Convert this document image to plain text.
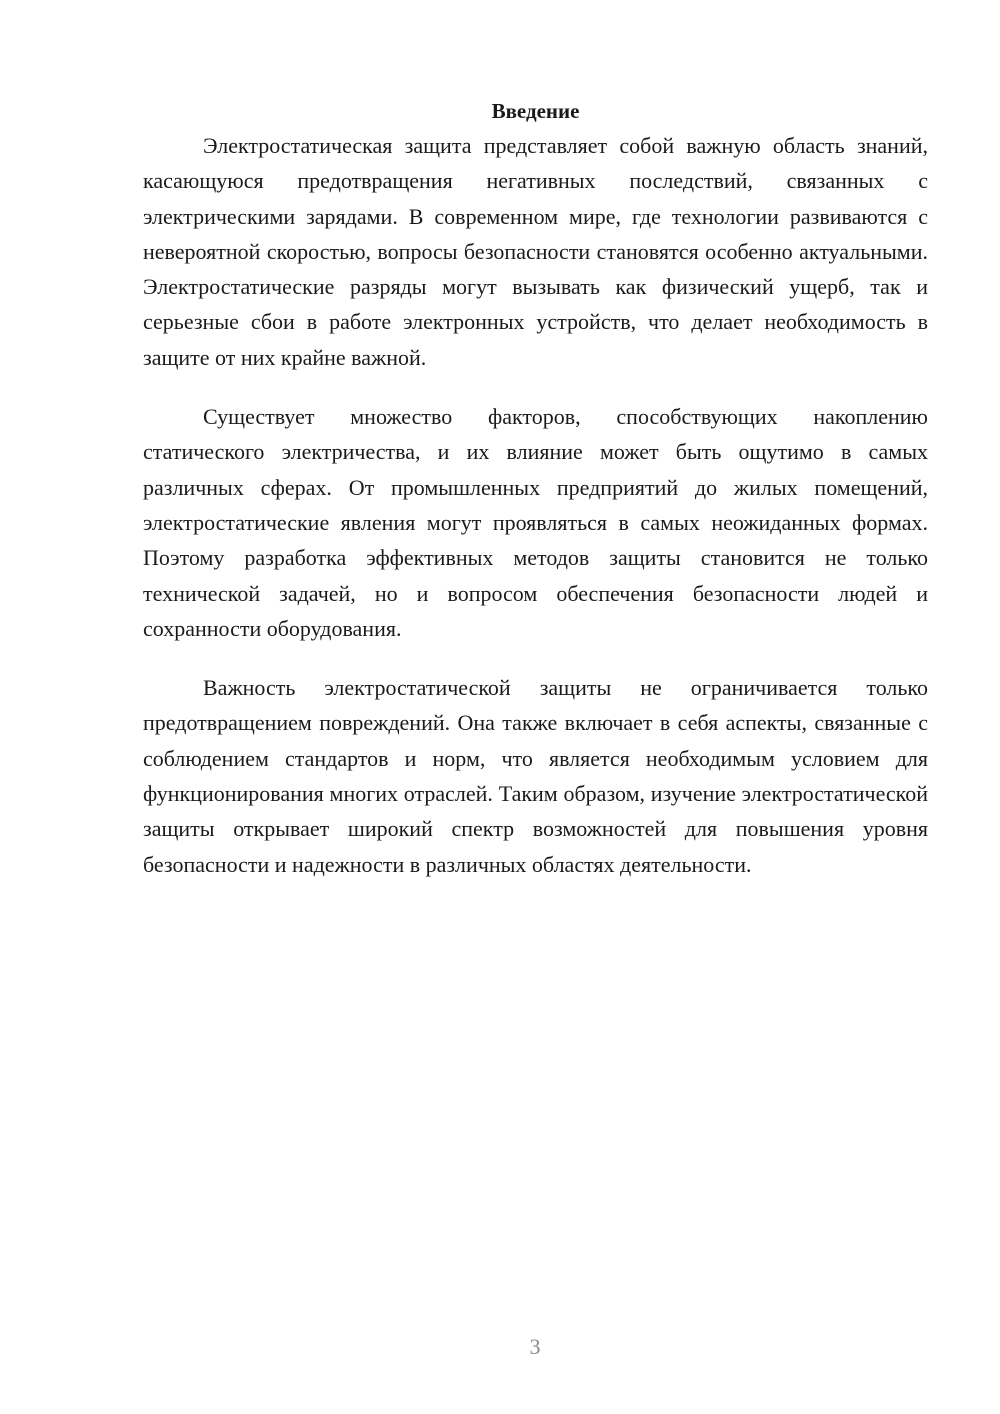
Введение

Электростатическая защита представляет собой важную область знаний, касающуюся предотвращения негативных последствий, связанных с электрическими зарядами. В современном мире, где технологии развиваются с невероятной скоростью, вопросы безопасности становятся особенно актуальными. Электростатические разряды могут вызывать как физический ущерб, так и серьезные сбои в работе электронных устройств, что делает необходимость в защите от них крайне важной.

Существует множество факторов, способствующих накоплению статического электричества, и их влияние может быть ощутимо в самых различных сферах. От промышленных предприятий до жилых помещений, электростатические явления могут проявляться в самых неожиданных формах. Поэтому разработка эффективных методов защиты становится не только технической задачей, но и вопросом обеспечения безопасности людей и сохранности оборудования.

Важность электростатической защиты не ограничивается только предотвращением повреждений. Она также включает в себя аспекты, связанные с соблюдением стандартов и норм, что является необходимым условием для функционирования многих отраслей. Таким образом, изучение электростатической защиты открывает широкий спектр возможностей для повышения уровня безопасности и надежности в различных областях деятельности.

3
